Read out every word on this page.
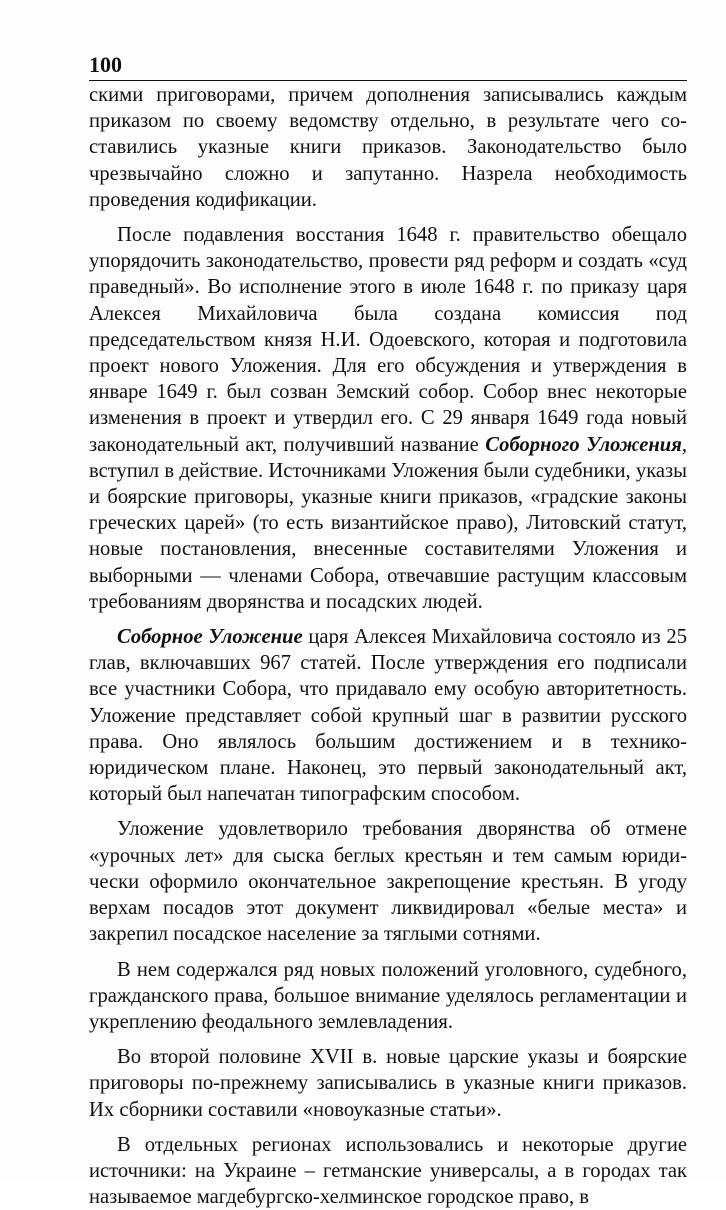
100

скими приговорами, причем дополнения записывались каждым приказом по своему ведомству отдельно, в результате чего составились указные книги приказов. Законодательство было чрезвычайно сложно и запутанно. Назрела необходимость проведения кодификации.

После подавления восстания 1648 г. правительство обещало упорядочить законодательство, провести ряд реформ и создать «суд праведный». Во исполнение этого в июле 1648 г. по приказу царя Алексея Михайловича была создана комиссия под председательством князя Н.И. Одоевского, которая и подготовила проект нового Уложения. Для его обсуждения и утверждения в январе 1649 г. был созван Земский собор. Собор внес некоторые изменения в проект и утвердил его. С 29 января 1649 года новый законодательный акт, получивший название Соборного Уложения, вступил в действие. Источниками Уложения были судебники, указы и боярские приговоры, указные книги приказов, «градские законы греческих царей» (то есть византийское право), Литовский статут, новые постановления, внесенные составителями Уложения и выборными — членами Собора, отвечавшие растущим классовым требованиям дворянства и посадских людей.

Соборное Уложение царя Алексея Михайловича состояло из 25 глав, включавших 967 статей. После утверждения его подписали все участники Собора, что придавало ему особую авторитетность. Уложение представляет собой крупный шаг в развитии русского права. Оно являлось большим достижением и в технико-юридическом плане. Наконец, это первый законодательный акт, который был напечатан типографским способом.

Уложение удовлетворило требования дворянства об отмене «урочных лет» для сыска беглых крестьян и тем самым юридически оформило окончательное закрепощение крестьян. В угоду верхам посадов этот документ ликвидировал «белые места» и закрепил посадское население за тяглыми сотнями.

В нем содержался ряд новых положений уголовного, судебного, гражданского права, большое внимание уделялось регламентации и укреплению феодального землевладения.

Во второй половине XVII в. новые царские указы и боярские приговоры по-прежнему записывались в указные книги приказов. Их сборники составили «новоуказные статьи».

В отдельных регионах использовались и некоторые другие источники: на Украине – гетманские универсалы, а в городах так называемое магдебургско-хелминское городское право, в
